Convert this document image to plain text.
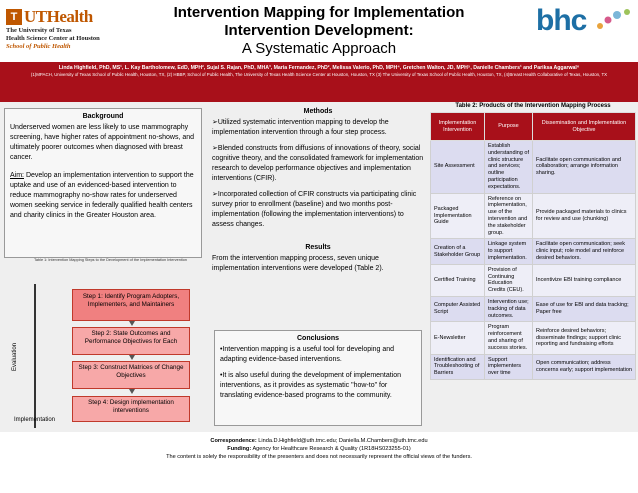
T UTHealth
The University of Texas
Health Science Center at Houston
School of Public Health
Intervention Mapping for Implementation
Intervention Development:
A Systematic Approach
bhc
Linda Highfield, PhD, MS¹, L. Kay Bartholomew, EdD, MPH², Sujal S. Rajan, PhD, MHA³, Maria Fernandez, PhD², Melissa Valerio, PhD, MPH⁴, Gretchen Walton, JD, MPH⁵, Danielle Chambers¹ and Pariksa Aggarwal⁶
(1)MPACH, University of Texas School of Public Health, Houston, TX, (2) HBBP, School of Public Health, The University of Texas Health Science Center at Houston, Houston, TX (3) The University of Texas School of Public Health, Houston, TX, (4)Breast Health Collaborative of Texas, Houston, TX
Background
Underserved women are less likely to use mammography screening, have higher rates of appointment no-shows, and ultimately poorer outcomes when diagnosed with breast cancer.
Aim: Develop an implementation intervention to support the uptake and use of an evidenced-based intervention to reduce mammography no-show rates for underserved women seeking service in federally qualified health centers and charity clinics in the Greater Houston area.
Table 1: Intervention Mapping Steps to the Development of the Implementation Intervention
Evaluation
Implementation
Step 1: Identify Program Adopters, Implementers, and Maintainers
Step 2: State Outcomes and Performance Objectives for Each
Step 3: Construct Matrices of Change Objectives
Step 4: Design implementation interventions
Methods

➢Utilized systematic intervention mapping to develop the implementation intervention through a four step process.

➢Blended constructs from diffusions of innovations of theory, social cognitive theory, and the consolidated framework for implementation research to develop performance objectives and implementation interventions (CFIR).

➢Incorporated collection of CFIR constructs via participating clinic survey prior to enrollment (baseline) and two months post-implementation (following the implementation interventions) to assess changes.

Results
From the intervention mapping process, seven unique implementation interventions were developed (Table 2).
Conclusions

•Intervention mapping is a useful tool for developing and adapting evidence-based interventions.

•It is also useful during the development of implementation interventions, as it provides as systematic "how-to" for translating evidence-based programs to the community.

Table 2: Products of the Intervention Mapping Process
Implementation Intervention	Purpose	Dissemination and Implementation Objective
Site Assessment	Establish understanding of clinic structure and services; outline participation expectations.	Facilitate open communication and collaboration; arrange information sharing.
Packaged Implementation Guide	Reference on implementation, use of the intervention and the stakeholder group.	Provide packaged materials to clinics for review and use (chunking)
Creation of a Stakeholder Group	Linkage system to support implementation.	Facilitate open communication; seek clinic input; role model and reinforce desired behaviors.
Certified Training	Provision of Continuing Education Credits (CEU).	Incentivize EBI training compliance
Computer Assisted Script	Intervention use; tracking of data outcomes.	Ease of use for EBI and data tracking; Paper free
E-Newsletter	Program reinforcement and sharing of success stories.	Reinforce desired behaviors; disseminate findings; support clinic reporting and fundraising efforts
Identification and Troubleshooting of Barriers	Support implementers over time	Open communication; address concerns early; support implementation
Correspondence: Linda.D.Highfield@uth.tmc.edu; Daniella.M.Chambers@uth.tmc.edu
Funding: Agency for Healthcare Research & Quality (1R18HS023255-01)
The content is solely the responsibility of the presenters and does not necessarily represent the official views of the funders.
